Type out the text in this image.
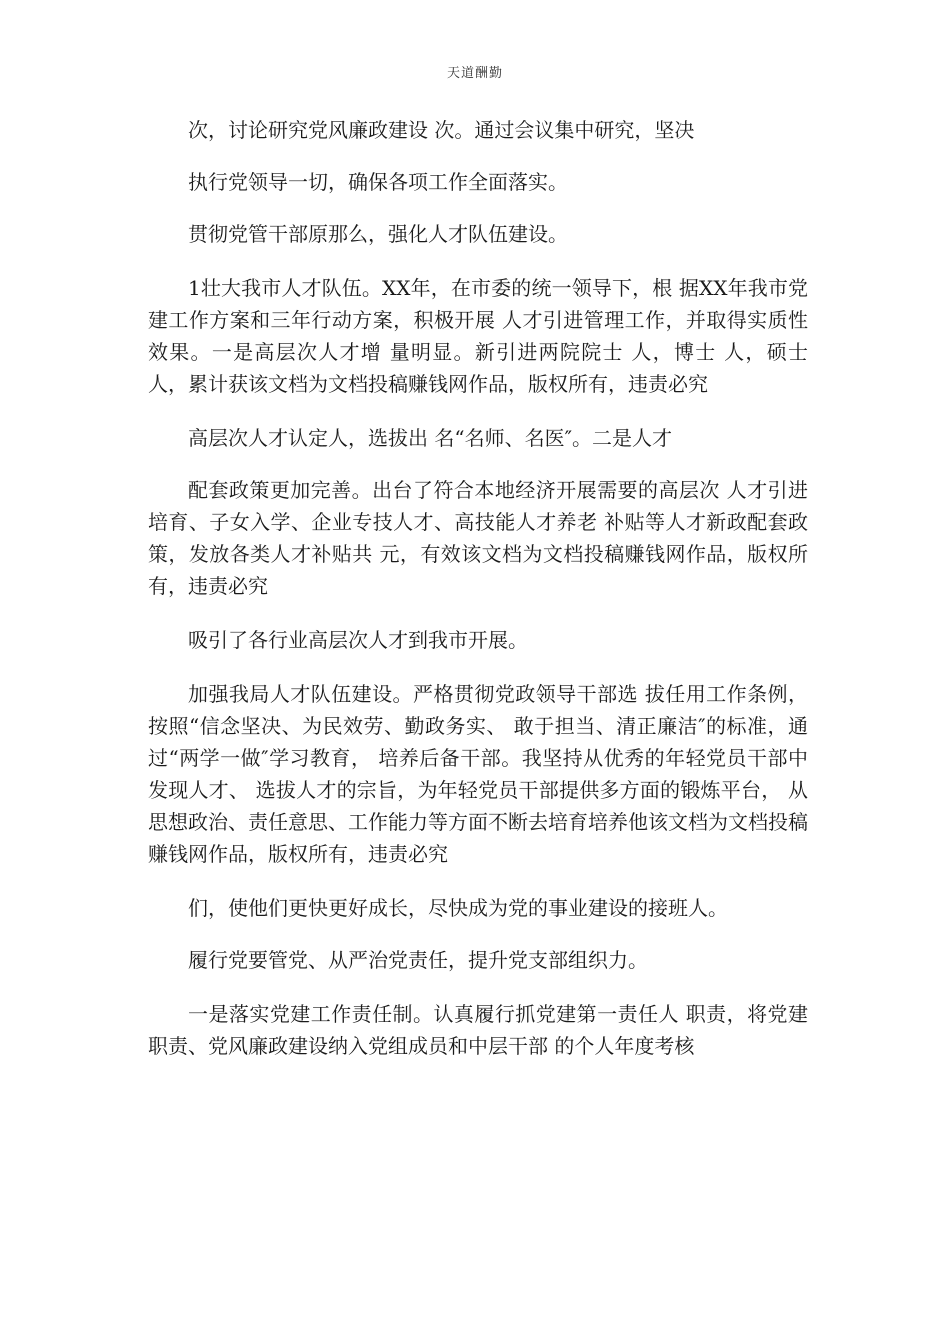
天道酬勤

次，讨论研究党风廉政建设 次。通过会议集中研究，坚决

执行党领导一切，确保各项工作全面落实。

贯彻党管干部原那么，强化人才队伍建设。

1壮大我市人才队伍。XX年，在市委的统一领导下，根 据XX年我市党建工作方案和三年行动方案，积极开展 人才引进管理工作，并取得实质性效果。一是高层次人才增 量明显。新引进两院院士 人，博士 人，硕士 人，累计获该文档为文档投稿赚钱网作品，版权所有，违责必究

高层次人才认定人，选拔出 名“名师、名医″。二是人才

配套政策更加完善。出台了符合本地经济开展需要的高层次 人才引进培育、子女入学、企业专技人才、高技能人才养老 补贴等人才新政配套政策，发放各类人才补贴共 元，有效该文档为文档投稿赚钱网作品，版权所有，违责必究

吸引了各行业高层次人才到我市开展。

加强我局人才队伍建设。严格贯彻党政领导干部选 拔任用工作条例，按照“信念坚决、为民效劳、勤政务实、 敢于担当、清正廉洁″的标准，通过“两学一做″学习教育， 培养后备干部。我坚持从优秀的年轻党员干部中发现人才、 选拔人才的宗旨，为年轻党员干部提供多方面的锻炼平台， 从思想政治、责任意思、工作能力等方面不断去培育培养他该文档为文档投稿赚钱网作品，版权所有，违责必究

们，使他们更快更好成长，尽快成为党的事业建设的接班人。

履行党要管党、从严治党责任，提升党支部组织力。

一是落实党建工作责任制。认真履行抓党建第一责任人 职责，将党建职责、党风廉政建设纳入党组成员和中层干部 的个人年度考核
